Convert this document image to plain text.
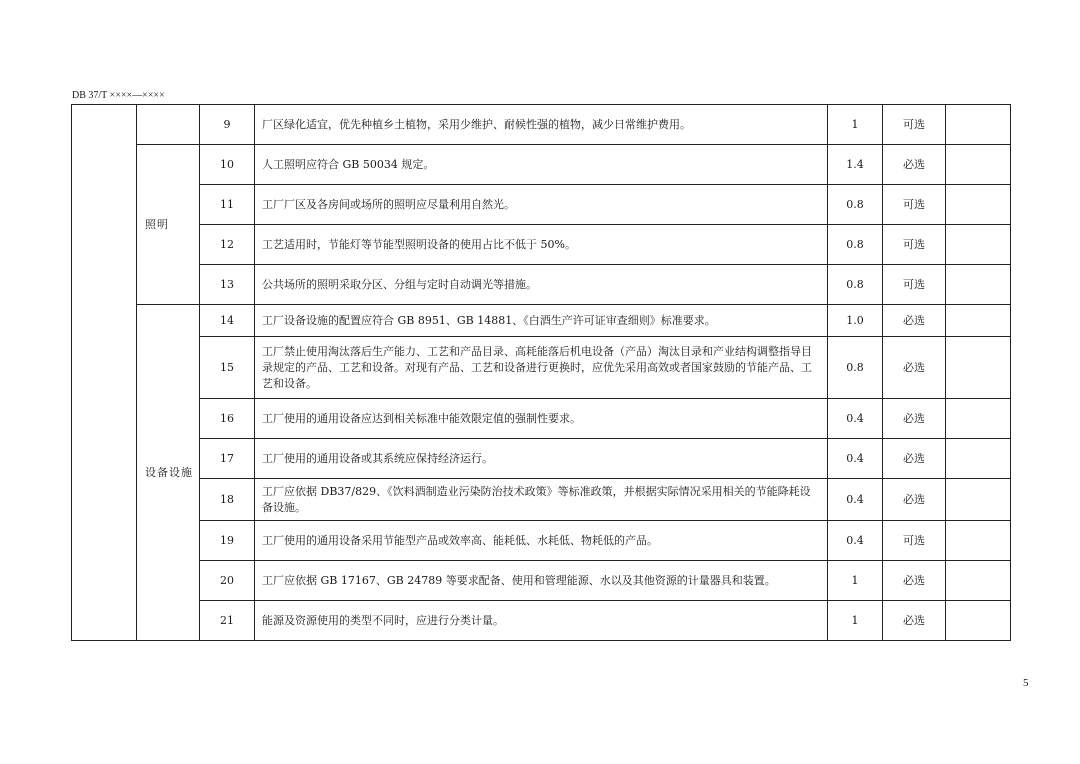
DB 37/T ××××—××××
		9	厂区绿化适宜，优先种植乡土植物，采用少维护、耐候性强的植物，减少日常维护费用。	1	可选	
	照明	10	人工照明应符合 GB 50034 规定。	1.4	必选	
		11	工厂厂区及各房间或场所的照明应尽量利用自然光。	0.8	可选	
		12	工艺适用时，节能灯等节能型照明设备的使用占比不低于 50%。	0.8	可选	
		13	公共场所的照明采取分区、分组与定时自动调光等措施。	0.8	可选	
	设备设施	14	工厂设备设施的配置应符合 GB 8951、GB 14881、《白酒生产许可证审查细则》标准要求。	1.0	必选	
		15	工厂禁止使用淘汰落后生产能力、工艺和产品目录、高耗能落后机电设备（产品）淘汰目录和产业结构调整指导目录规定的产品、工艺和设备。对现有产品、工艺和设备进行更换时，应优先采用高效或者国家鼓励的节能产品、工艺和设备。	0.8	必选	
		16	工厂使用的通用设备应达到相关标准中能效限定值的强制性要求。	0.4	必选	
		17	工厂使用的通用设备或其系统应保持经济运行。	0.4	必选	
		18	工厂应依据 DB37/829、《饮料酒制造业污染防治技术政策》等标准政策，并根据实际情况采用相关的节能降耗设备设施。	0.4	必选	
		19	工厂使用的通用设备采用节能型产品或效率高、能耗低、水耗低、物耗低的产品。	0.4	可选	
		20	工厂应依据 GB 17167、GB 24789 等要求配备、使用和管理能源、水以及其他资源的计量器具和装置。	1	必选	
		21	能源及资源使用的类型不同时，应进行分类计量。	1	必选	
5
